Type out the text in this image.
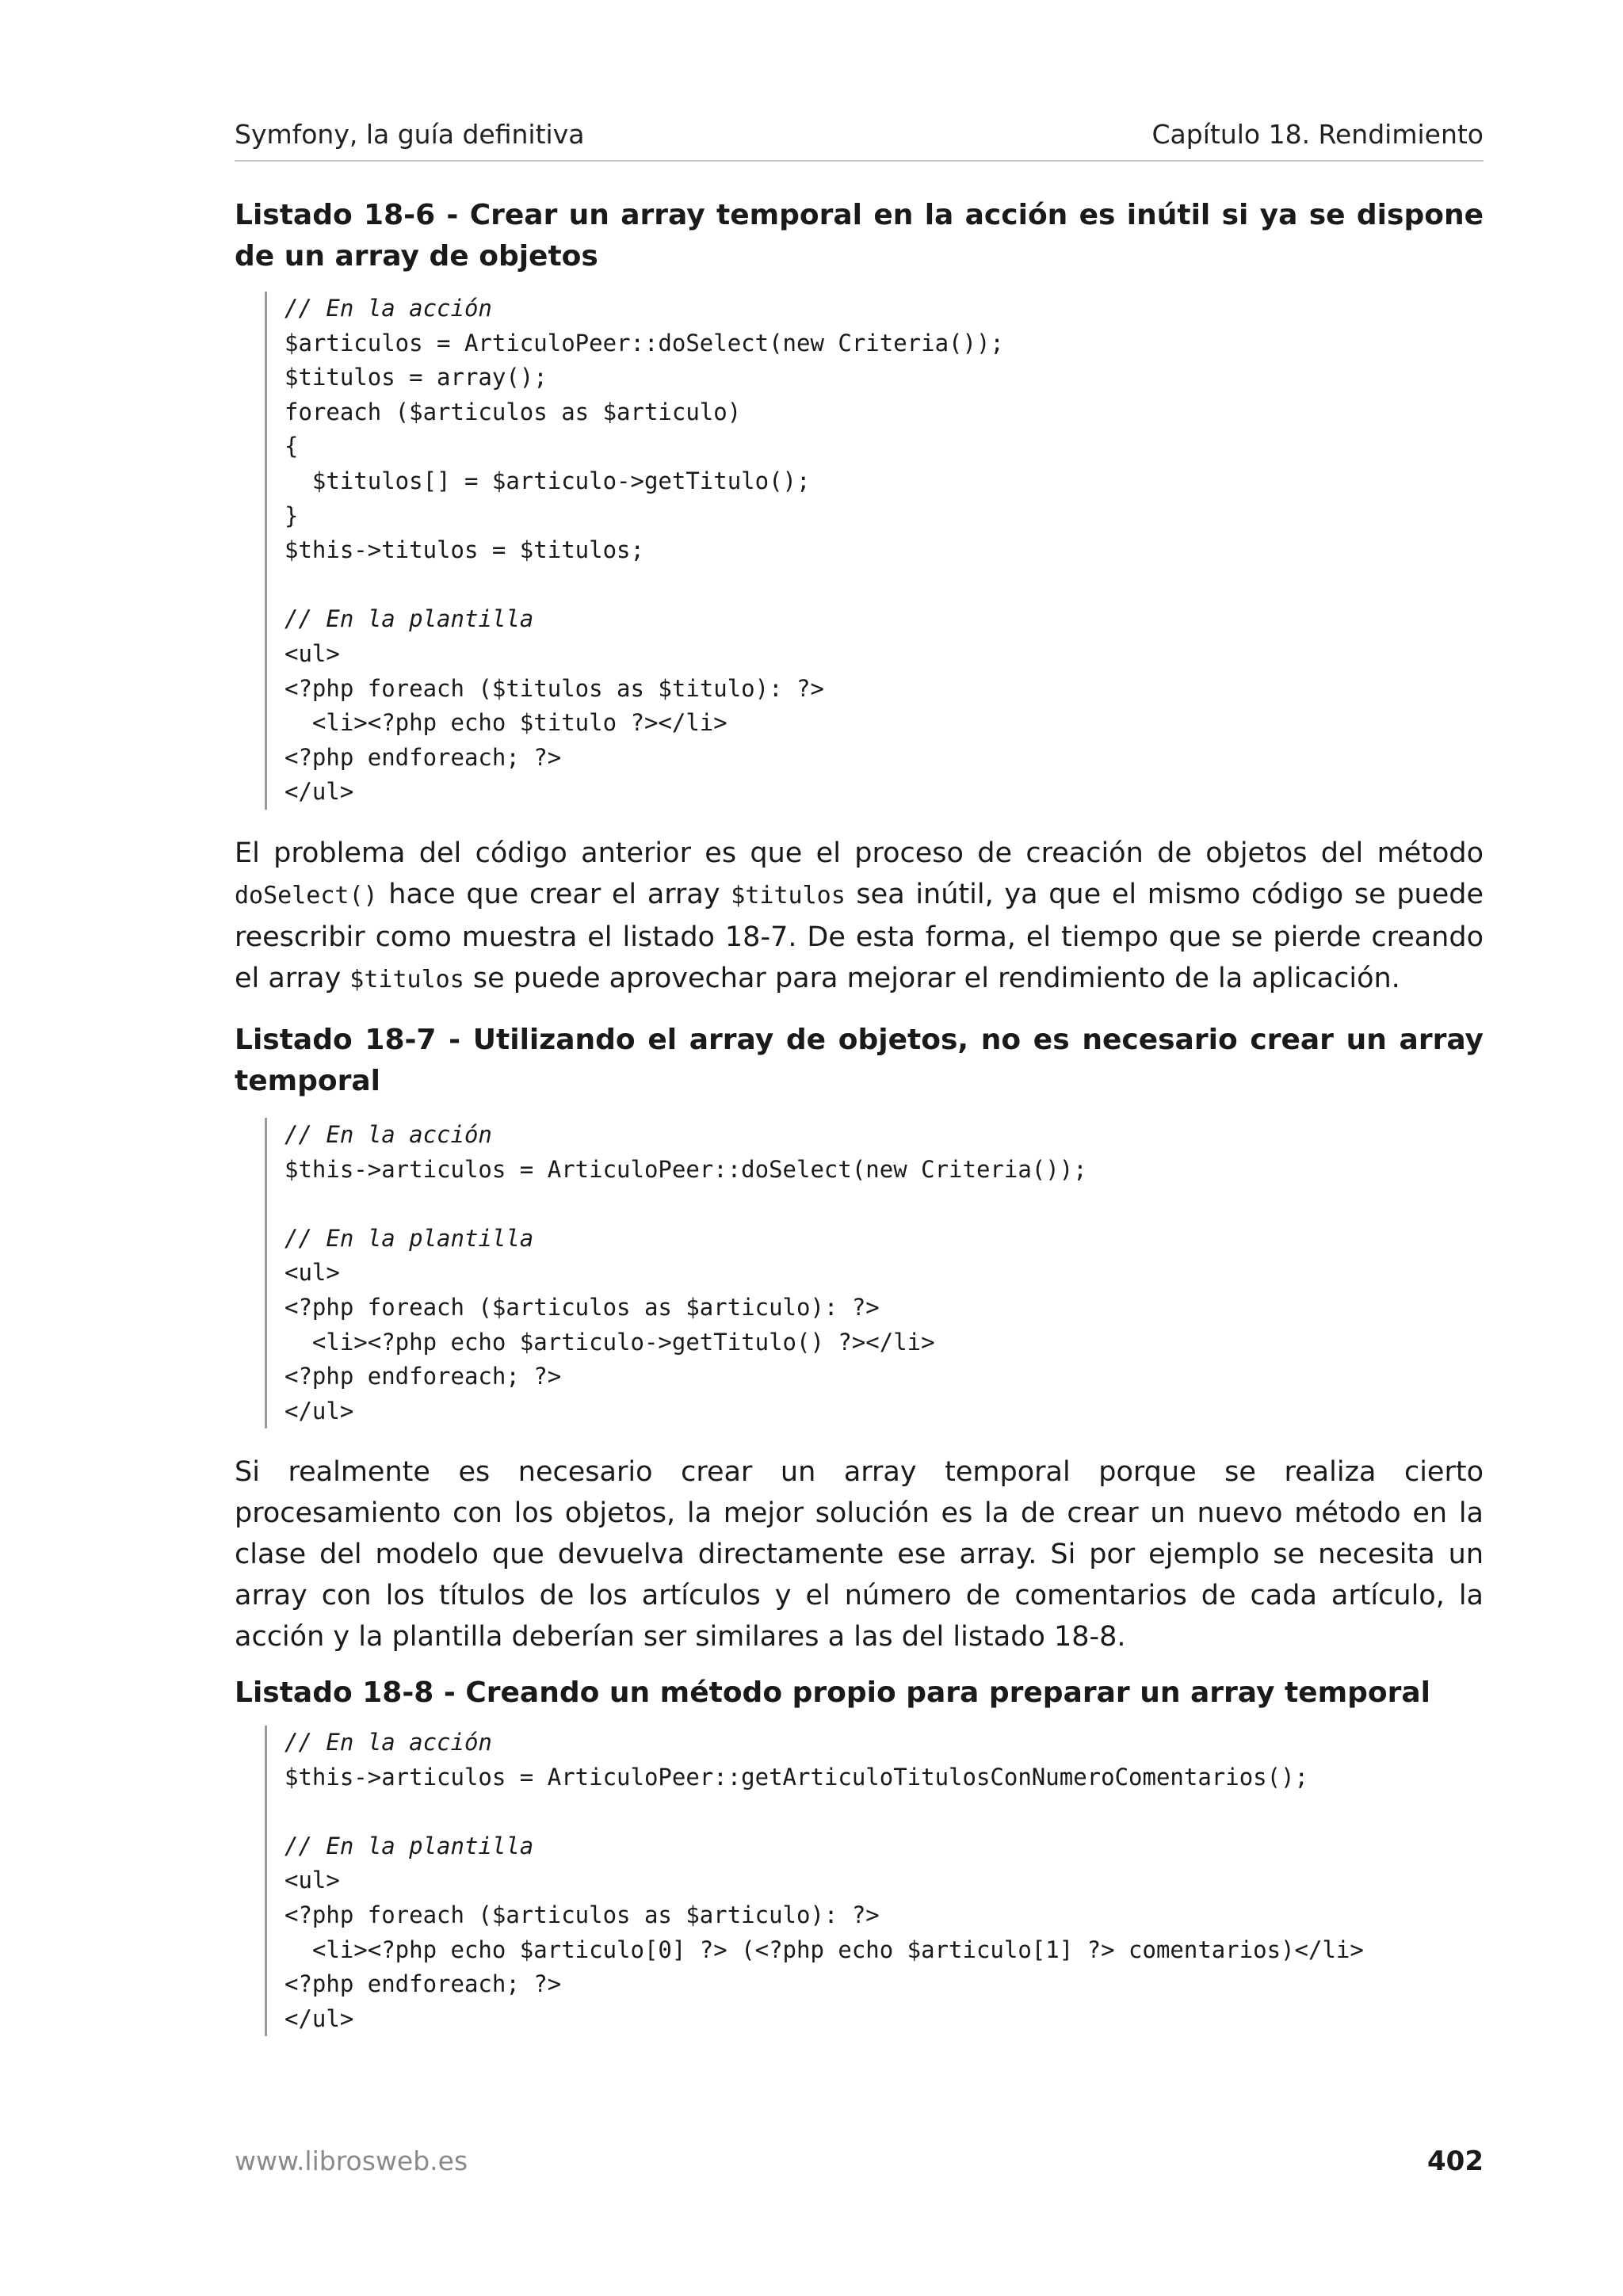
Symfony, la guía definitiva	Capítulo 18. Rendimiento

Listado 18-6 - Crear un array temporal en la acción es inútil si ya se dispone de un array de objetos

// En la acción
$articulos = ArticuloPeer::doSelect(new Criteria());
$titulos = array();
foreach ($articulos as $articulo)
{
$titulos[] = $articulo->getTitulo();
}
$this->titulos = $titulos;
// En la plantilla
<ul>
<?php foreach ($titulos as $titulo): ?>
<li><?php echo $titulo ?></li>
<?php endforeach; ?>
</ul>

El problema del código anterior es que el proceso de creación de objetos del método doSelect() hace que crear el array $titulos sea inútil, ya que el mismo código se puede reescribir como muestra el listado 18-7. De esta forma, el tiempo que se pierde creando el array $titulos se puede aprovechar para mejorar el rendimiento de la aplicación.

Listado 18-7 - Utilizando el array de objetos, no es necesario crear un array temporal

// En la acción
$this->articulos = ArticuloPeer::doSelect(new Criteria());
// En la plantilla
<ul>
<?php foreach ($articulos as $articulo): ?>
<li><?php echo $articulo->getTitulo() ?></li>
<?php endforeach; ?>
</ul>

Si realmente es necesario crear un array temporal porque se realiza cierto procesamiento con los objetos, la mejor solución es la de crear un nuevo método en la clase del modelo que devuelva directamente ese array. Si por ejemplo se necesita un array con los títulos de los artículos y el número de comentarios de cada artículo, la acción y la plantilla deberían ser similares a las del listado 18-8.

Listado 18-8 - Creando un método propio para preparar un array temporal

// En la acción
$this->articulos = ArticuloPeer::getArticuloTitulosConNumeroComentarios();
// En la plantilla
<ul>
<?php foreach ($articulos as $articulo): ?>
<li><?php echo $articulo[0] ?> (<?php echo $articulo[1] ?> comentarios)</li>
<?php endforeach; ?>
</ul>
www.librosweb.es	402
